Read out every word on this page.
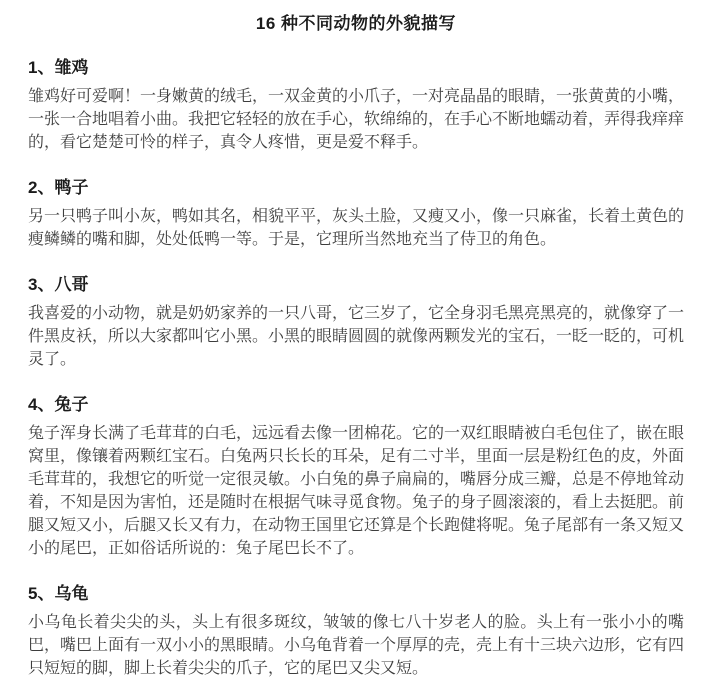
16 种不同动物的外貌描写
1、雏鸡

雏鸡好可爱啊！一身嫩黄的绒毛，一双金黄的小爪子，一对亮晶晶的眼睛，一张黄黄的小嘴，一张一合地唱着小曲。我把它轻轻的放在手心，软绵绵的，在手心不断地蠕动着，弄得我痒痒的，看它楚楚可怜的样子，真令人疼惜，更是爱不释手。

2、鸭子

另一只鸭子叫小灰，鸭如其名，相貌平平，灰头土脸，又瘦又小，像一只麻雀，长着土黄色的瘦鳞鳞的嘴和脚，处处低鸭一等。于是，它理所当然地充当了侍卫的角色。

3、八哥

我喜爱的小动物，就是奶奶家养的一只八哥，它三岁了，它全身羽毛黑亮黑亮的，就像穿了一件黑皮袄，所以大家都叫它小黑。小黑的眼睛圆圆的就像两颗发光的宝石，一眨一眨的，可机灵了。

4、兔子

兔子浑身长满了毛茸茸的白毛，远远看去像一团棉花。它的一双红眼睛被白毛包住了，嵌在眼窝里，像镶着两颗红宝石。白兔两只长长的耳朵，足有二寸半，里面一层是粉红色的皮，外面毛茸茸的，我想它的听觉一定很灵敏。小白兔的鼻子扁扁的，嘴唇分成三瓣，总是不停地耸动着，不知是因为害怕，还是随时在根据气味寻觅食物。兔子的身子圆滚滚的，看上去挺肥。前腿又短又小，后腿又长又有力，在动物王国里它还算是个长跑健将呢。兔子尾部有一条又短又小的尾巴，正如俗话所说的：兔子尾巴长不了。

5、乌龟

小乌龟长着尖尖的头，头上有很多斑纹，皱皱的像七八十岁老人的脸。头上有一张小小的嘴巴，嘴巴上面有一双小小的黑眼睛。小乌龟背着一个厚厚的壳，壳上有十三块六边形，它有四只短短的脚，脚上长着尖尖的爪子，它的尾巴又尖又短。
